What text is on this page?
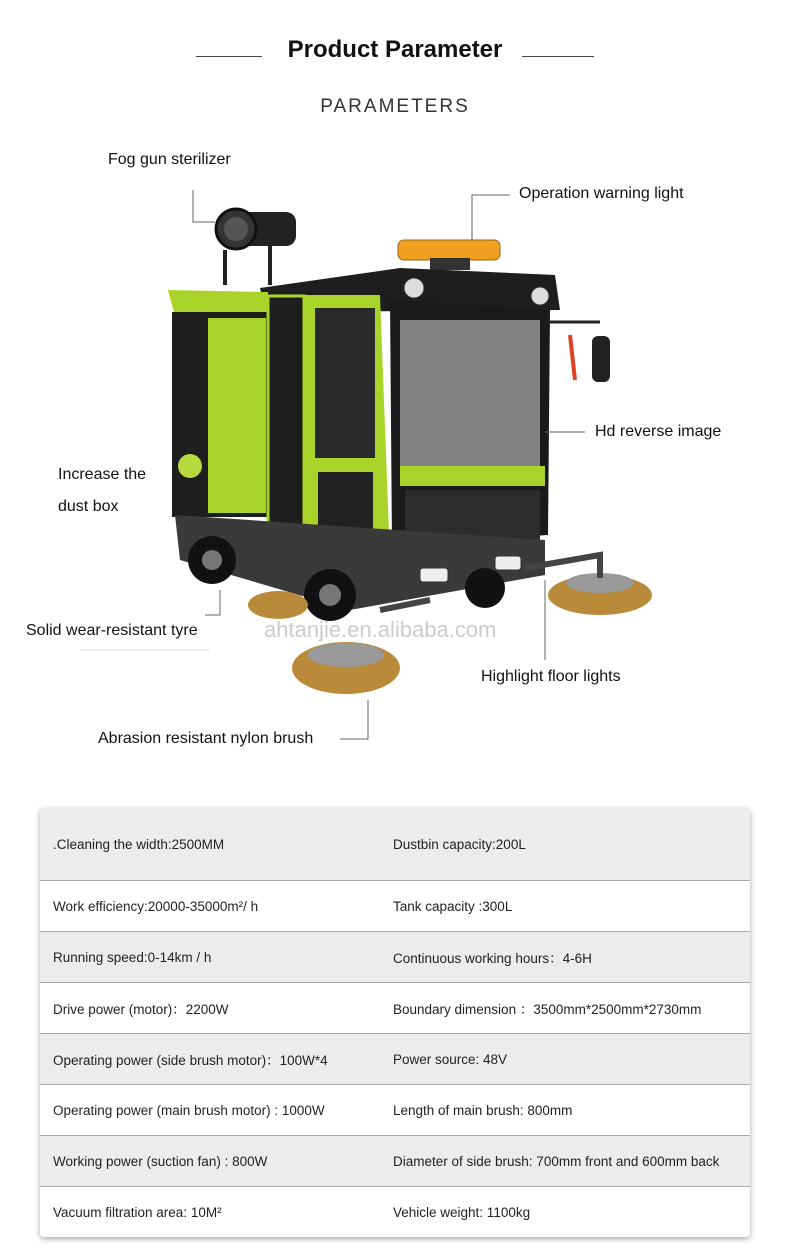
Product Parameter
PARAMETERS
Fog gun sterilizer
Operation warning light
Hd reverse image
Increase the
dust box
Solid wear-resistant tyre	ahtanjie.en.alibaba.com
Highlight floor lights
Abrasion resistant nylon brush
.Cleaning the width:2500MM	Dustbin capacity:200L
Work efficiency:20000-35000m²/ h	Tank capacity :300L
Running speed:0-14km / h	Continuous working hours：4-6H
Drive power (motor)：2200W	Boundary dimension ：3500mm*2500mm*2730mm
Operating power (side brush motor)：100W*4	Power source: 48V
Operating power (main brush motor) : 1000W	Length of main brush: 800mm
Working power (suction fan) : 800W	Diameter of side brush: 700mm front and 600mm back
Vacuum filtration area: 10M²	Vehicle weight: 1100kg
